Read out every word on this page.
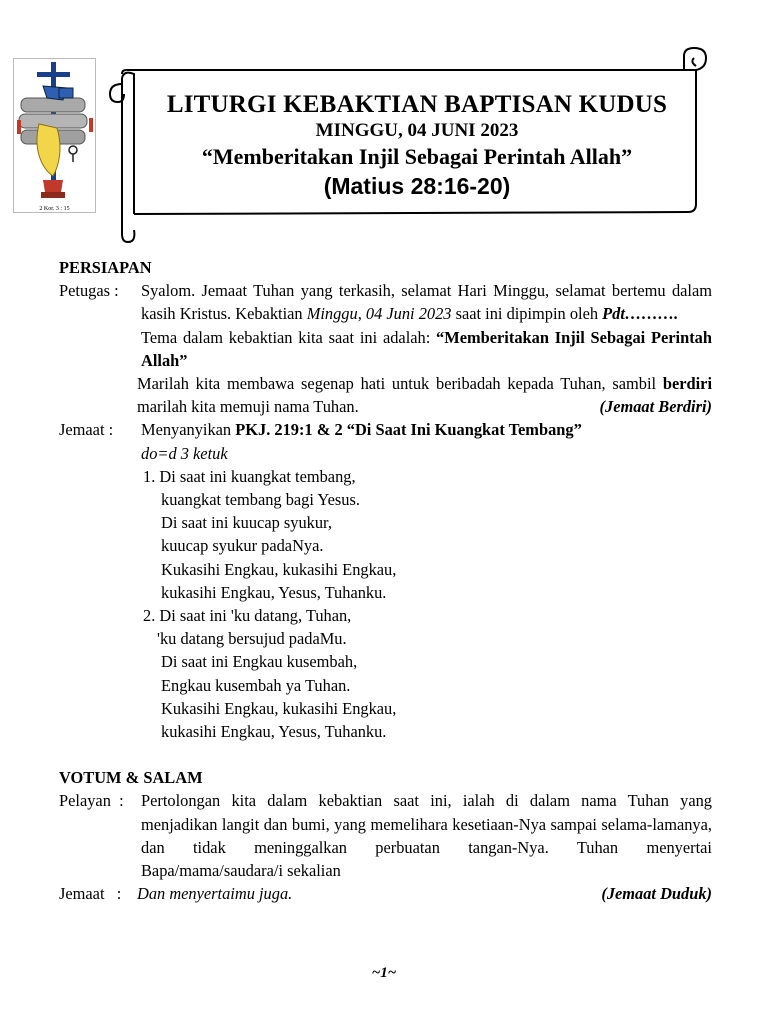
2 Kor. 3 : 15
LITURGI KEBAKTIAN BAPTISAN KUDUS
MINGGU, 04 JUNI 2023
“Memberitakan Injil Sebagai Perintah Allah”
(Matius 28:16-20)
PERSIAPAN
Petugas : Syalom. Jemaat Tuhan yang terkasih, selamat Hari Minggu, selamat bertemu dalam kasih Kristus. Kebaktian Minggu, 04 Juni 2023 saat ini dipimpin oleh Pdt……….
Tema dalam kebaktian kita saat ini adalah: “Memberitakan Injil Sebagai Perintah Allah”
Marilah kita membawa segenap hati untuk beribadah kepada Tuhan, sambil berdiri marilah kita memuji nama Tuhan.	(Jemaat Berdiri)
Jemaat : Menyanyikan PKJ. 219:1 & 2 “Di Saat Ini Kuangkat Tembang”
do=d 3 ketuk
1. Di saat ini kuangkat tembang,
kuangkat tembang bagi Yesus.
Di saat ini kuucap syukur,
kuucap syukur padaNya.
Kukasihi Engkau, kukasihi Engkau,
kukasihi Engkau, Yesus, Tuhanku.
2. Di saat ini 'ku datang, Tuhan,
'ku datang bersujud padaMu.
Di saat ini Engkau kusembah,
Engkau kusembah ya Tuhan.
Kukasihi Engkau, kukasihi Engkau,
kukasihi Engkau, Yesus, Tuhanku.
VOTUM & SALAM
Pelayan  : Pertolongan kita dalam kebaktian saat ini, ialah di dalam nama Tuhan yang menjadikan langit dan bumi, yang memelihara kesetiaan-Nya sampai selama-lamanya, dan tidak meninggalkan perbuatan tangan-Nya. Tuhan menyertai Bapa/mama/saudara/i sekalian
Jemaat   : Dan menyertaimu juga.	(Jemaat Duduk)
~1~
